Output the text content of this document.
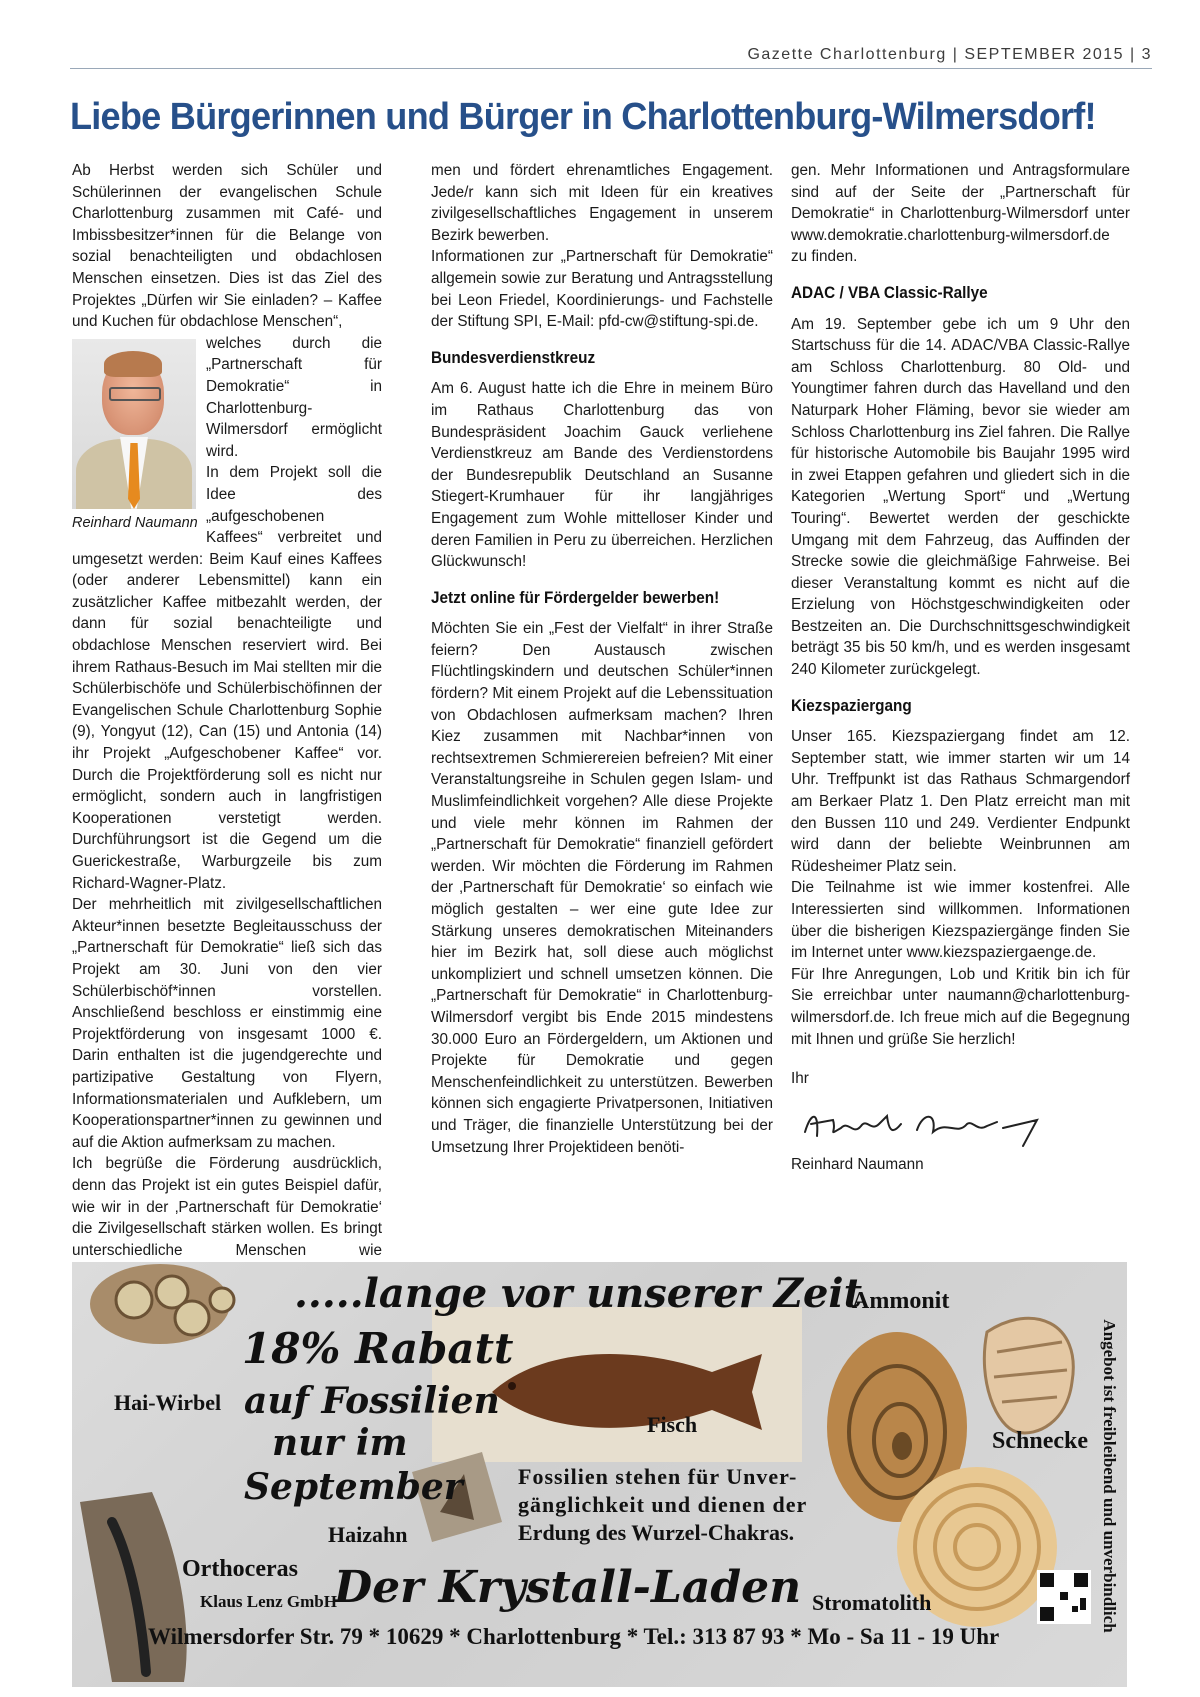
Gazette Charlottenburg | SEPTEMBER 2015 | 3
Liebe Bürgerinnen und Bürger in Charlottenburg-Wilmersdorf!

Ab Herbst werden sich Schüler und Schülerinnen der evangelischen Schule Charlottenburg zusammen mit Café- und Imbissbesitzer*innen für die Belange von sozial benachteiligten und obdachlosen Menschen einsetzen. Dies ist das Ziel des Projektes „Dürfen wir Sie einladen? – Kaffee und Kuchen für obdachlose Menschen“,

Reinhard Naumann

welches durch die „Partnerschaft für Demokratie“ in Charlottenburg-Wilmersdorf ermöglicht wird.

In dem Projekt soll die Idee des „aufgeschobenen Kaffees“ verbreitet und umgesetzt werden: Beim Kauf eines Kaffees (oder anderer Lebensmittel) kann ein zusätzlicher Kaffee mitbezahlt werden, der dann für sozial benachteiligte und obdachlose Menschen reserviert wird. Bei ihrem Rathaus-Besuch im Mai stellten mir die Schülerbischöfe und Schülerbischöfinnen der Evangelischen Schule Charlottenburg Sophie (9), Yongyut (12), Can (15) und Antonia (14) ihr Projekt „Aufgeschobener Kaffee“ vor. Durch die Projektförderung soll es nicht nur ermöglicht, sondern auch in langfristigen Kooperationen verstetigt werden. Durchführungsort ist die Gegend um die Guerickestraße, Warburgzeile bis zum Richard-Wagner-Platz.

Der mehrheitlich mit zivilgesellschaftlichen Akteur*innen besetzte Begleitausschuss der „Partnerschaft für Demokratie“ ließ sich das Projekt am 30. Juni von den vier Schülerbischöf*innen vorstellen. Anschließend beschloss er einstimmig eine Projektförderung von insgesamt 1000 €. Darin enthalten ist die jugendgerechte und partizipative Gestaltung von Flyern, Informationsmaterialen und Aufklebern, um Kooperationspartner*innen zu gewinnen und auf die Aktion aufmerksam zu machen.

Ich begrüße die Förderung ausdrücklich, denn das Projekt ist ein gutes Beispiel dafür, wie wir in der ‚Partnerschaft für Demokratie‘ die Zivilgesellschaft stärken wollen. Es bringt unterschiedliche Menschen wie

men und fördert ehrenamtliches Engagement. Jede/r kann sich mit Ideen für ein kreatives zivilgesellschaftliches Engagement in unserem Bezirk bewerben.

Informationen zur „Partnerschaft für Demokratie“ allgemein sowie zur Beratung und Antragsstellung bei Leon Friedel, Koordinierungs- und Fachstelle der Stiftung SPI, E-Mail: pfd-cw@stiftung-spi.de.

Bundesverdienstkreuz

Am 6. August hatte ich die Ehre in meinem Büro im Rathaus Charlottenburg das von Bundespräsident Joachim Gauck verliehene Verdienstkreuz am Bande des Verdienstordens der Bundesrepublik Deutschland an Susanne Stiegert-Krumhauer für ihr langjähriges Engagement zum Wohle mittelloser Kinder und deren Familien in Peru zu überreichen. Herzlichen Glückwunsch!

Jetzt online für Fördergelder bewerben!

Möchten Sie ein „Fest der Vielfalt“ in ihrer Straße feiern? Den Austausch zwischen Flüchtlingskindern und deutschen Schüler*innen fördern? Mit einem Projekt auf die Lebenssituation von Obdachlosen aufmerksam machen? Ihren Kiez zusammen mit Nachbar*innen von rechtsextremen Schmierereien befreien? Mit einer Veranstaltungsreihe in Schulen gegen Islam- und Muslimfeindlichkeit vorgehen? Alle diese Projekte und viele mehr können im Rahmen der „Partnerschaft für Demokratie“ finanziell gefördert werden. Wir möchten die Förderung im Rahmen der ‚Partnerschaft für Demokratie‘ so einfach wie möglich gestalten – wer eine gute Idee zur Stärkung unseres demokratischen Miteinanders hier im Bezirk hat, soll diese auch möglichst unkompliziert und schnell umsetzen können. Die „Partnerschaft für Demokratie“ in Charlottenburg-Wilmersdorf vergibt bis Ende 2015 mindestens 30.000 Euro an Fördergeldern, um Aktionen und Projekte für Demokratie und gegen Menschenfeindlichkeit zu unterstützen. Bewerben können sich engagierte Privatpersonen, Initiativen und Träger, die finanzielle Unterstützung bei der Umsetzung Ihrer Projektideen benöti-

gen. Mehr Informationen und Antragsformulare sind auf der Seite der „Partnerschaft für Demokratie“ in Charlottenburg-Wilmersdorf unter www.demokratie.charlottenburg-wilmersdorf.de zu finden.

ADAC / VBA Classic-Rallye

Am 19. September gebe ich um 9 Uhr den Startschuss für die 14. ADAC/VBA Classic-Rallye am Schloss Charlottenburg. 80 Old- und Youngtimer fahren durch das Havelland und den Naturpark Hoher Fläming, bevor sie wieder am Schloss Charlottenburg ins Ziel fahren. Die Rallye für historische Automobile bis Baujahr 1995 wird in zwei Etappen gefahren und gliedert sich in die Kategorien „Wertung Sport“ und „Wertung Touring“. Bewertet werden der geschickte Umgang mit dem Fahrzeug, das Auffinden der Strecke sowie die gleichmäßige Fahrweise. Bei dieser Veranstaltung kommt es nicht auf die Erzielung von Höchstgeschwindigkeiten oder Bestzeiten an. Die Durchschnittsgeschwindigkeit beträgt 35 bis 50 km/h, und es werden insgesamt 240 Kilometer zurückgelegt.

Kiezspaziergang

Unser 165. Kiezspaziergang findet am 12. September statt, wie immer starten wir um 14 Uhr. Treffpunkt ist das Rathaus Schmargendorf am Berkaer Platz 1. Den Platz erreicht man mit den Bussen 110 und 249. Verdienter Endpunkt wird dann der beliebte Weinbrunnen am Rüdesheimer Platz sein.

Die Teilnahme ist wie immer kostenfrei. Alle Interessierten sind willkommen. Informationen über die bisherigen Kiezspaziergänge finden Sie im Internet unter www.kiezspaziergaenge.de.

Für Ihre Anregungen, Lob und Kritik bin ich für Sie erreichbar unter naumann@charlottenburg-wilmersdorf.de. Ich freue mich auf die Begegnung mit Ihnen und grüße Sie herzlich!

Ihr

Reinhard Naumann
.....lange vor unserer Zeit
Ammonit
18% Rabatt
Hai-Wirbel auf Fossilien
nur im	Fisch
Schnecke
September	Fossilien stehen für Unver-
gänglichkeit und dienen der
Erdung des Wurzel-Chakras.
Haizahn
Orthoceras
Klaus Lenz GmbH
Der Krystall-Laden Stromatolith
Wilmersdorfer Str. 79 * 10629 * Charlottenburg * Tel.: 313 87 93 * Mo - Sa 11 - 19 Uhr
Angebot ist freibleibend und unverbindlich
